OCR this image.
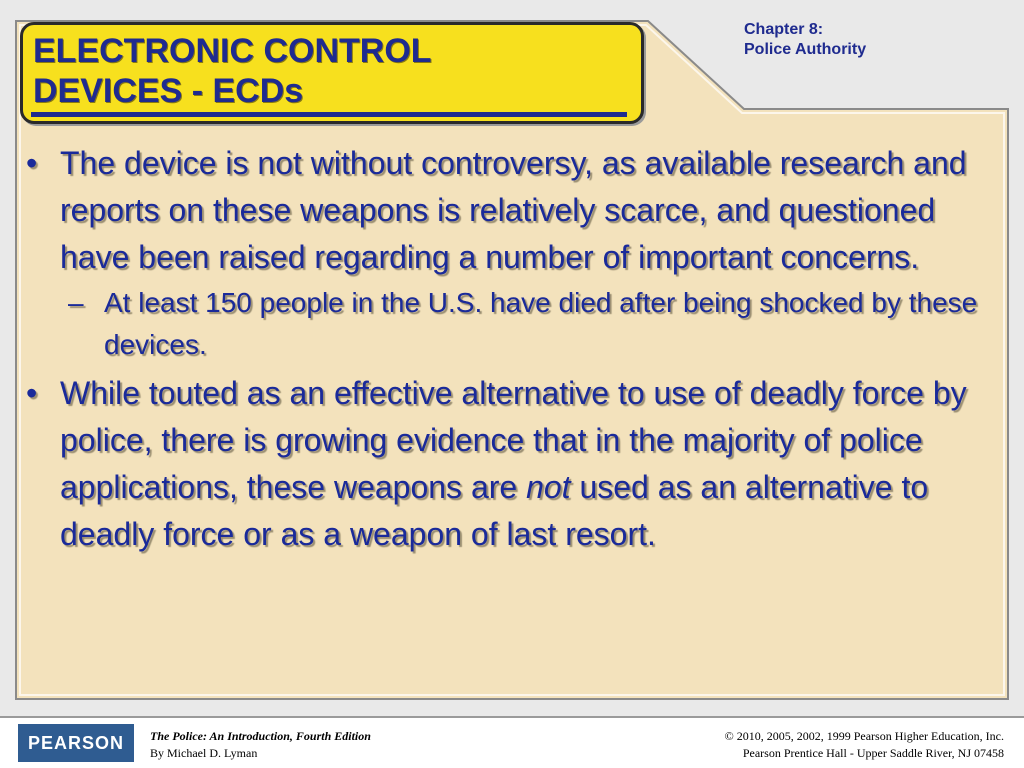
ELECTRONIC CONTROL
DEVICES - ECDs
Chapter 8:
Police Authority
• The device is not without controversy, as available research and reports on these weapons is relatively scarce, and questioned have been raised regarding a number of important concerns.
– At least 150 people in the U.S. have died after being shocked by these devices.
• While touted as an effective alternative to use of deadly force by police, there is growing evidence that in the majority of police applications, these weapons are not used as an alternative to deadly force or as a weapon of last resort.
PEARSON	The Police: An Introduction, Fourth Edition
By Michael D. Lyman
© 2010, 2005, 2002, 1999 Pearson Higher Education, Inc.
Pearson Prentice Hall - Upper Saddle River, NJ 07458
